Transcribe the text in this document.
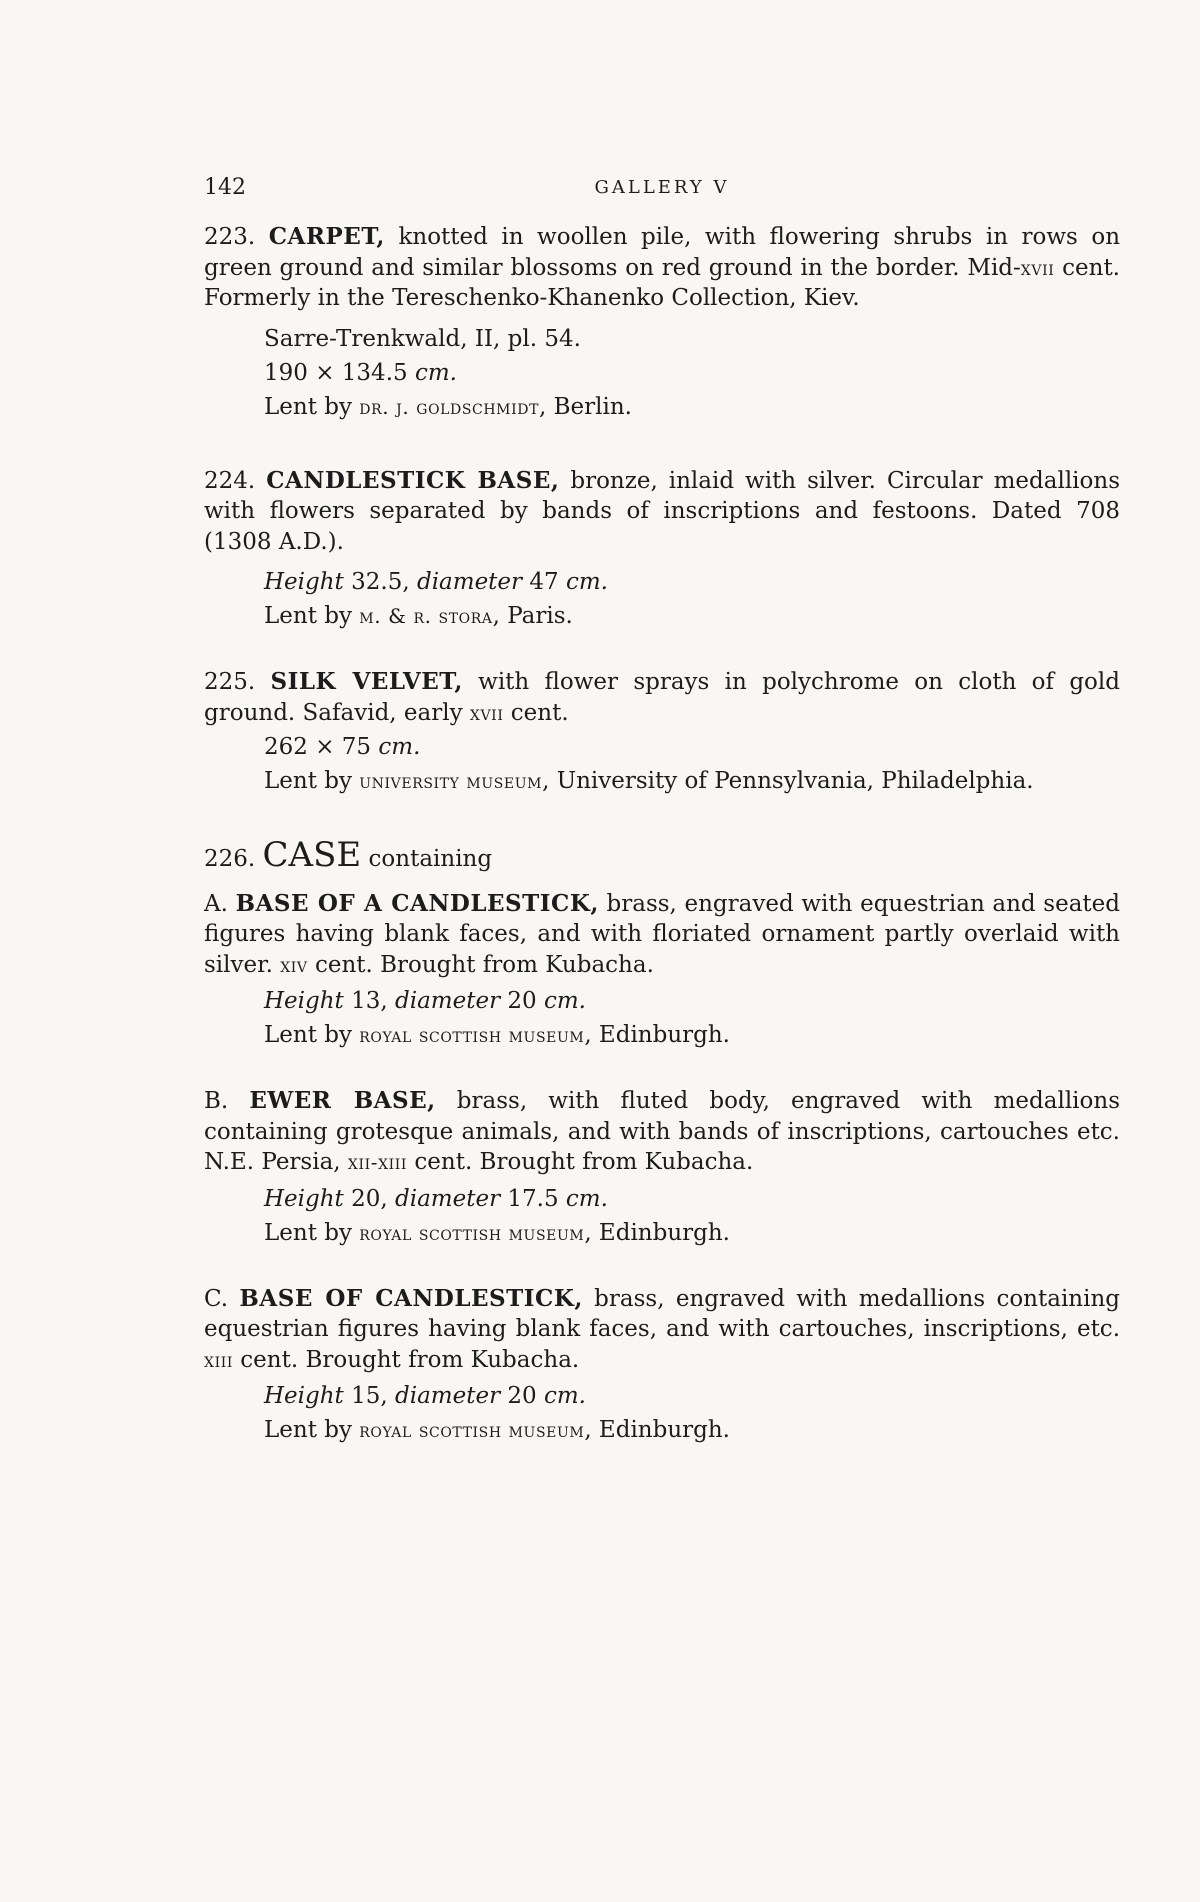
142	GALLERY V

223. CARPET, knotted in woollen pile, with flowering shrubs in rows on green ground and similar blossoms on red ground in the border. Mid-xvii cent. Formerly in the Tereschenko-Khanenko Collection, Kiev.

Sarre-Trenkwald, II, pl. 54.
190 × 134.5 cm.
Lent by dr. j. goldschmidt, Berlin.

224. CANDLESTICK BASE, bronze, inlaid with silver. Circular medallions with flowers separated by bands of inscriptions and festoons. Dated 708 (1308 A.D.).

Height 32.5, diameter 47 cm.
Lent by m. & r. stora, Paris.

225. SILK VELVET, with flower sprays in polychrome on cloth of gold ground. Safavid, early xvii cent.

262 × 75 cm.
Lent by university museum, University of Pennsylvania, Philadelphia.

226. CASE containing

A. BASE OF A CANDLESTICK, brass, engraved with equestrian and seated figures having blank faces, and with floriated ornament partly overlaid with silver. xiv cent. Brought from Kubacha.

Height 13, diameter 20 cm.
Lent by royal scottish museum, Edinburgh.

B. EWER BASE, brass, with fluted body, engraved with medallions containing grotesque animals, and with bands of inscriptions, cartouches etc. N.E. Persia, xii-xiii cent. Brought from Kubacha.

Height 20, diameter 17.5 cm.
Lent by royal scottish museum, Edinburgh.

C. BASE OF CANDLESTICK, brass, engraved with medallions containing equestrian figures having blank faces, and with cartouches, inscriptions, etc. xiii cent. Brought from Kubacha.

Height 15, diameter 20 cm.
Lent by royal scottish museum, Edinburgh.
